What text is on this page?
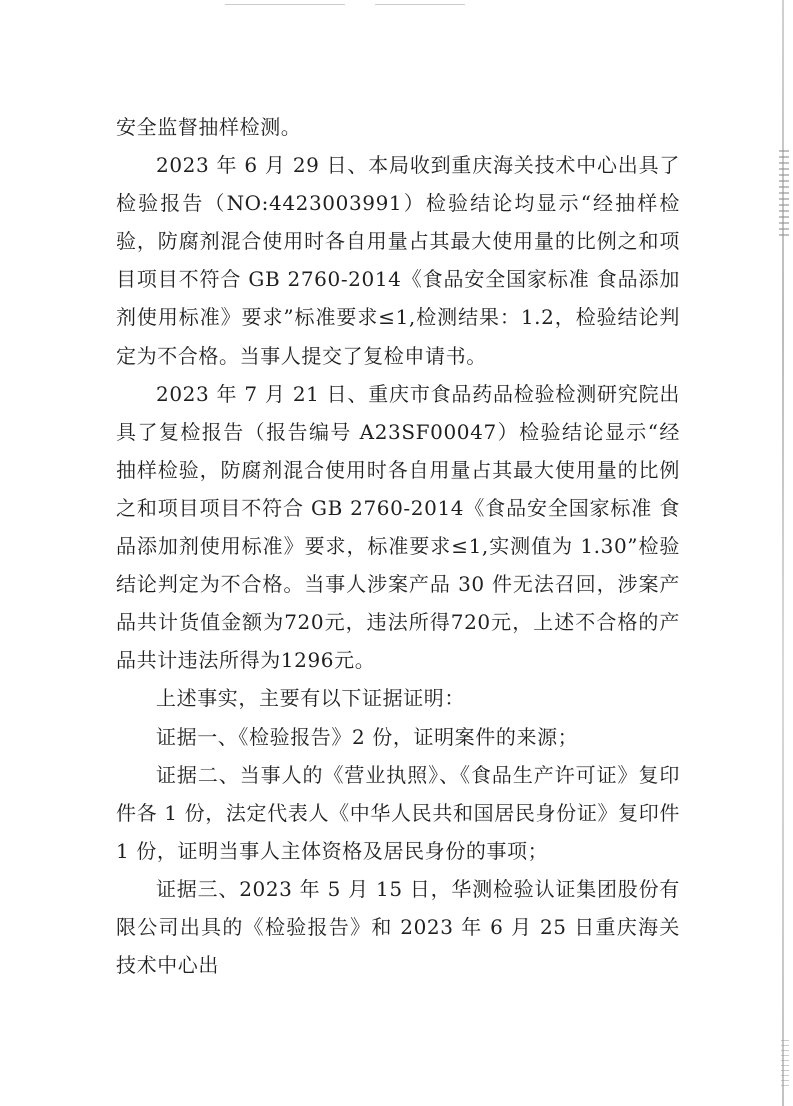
安全监督抽样检测。

2023 年 6 月 29 日、本局收到重庆海关技术中心出具了检验报告（NO:4423003991）检验结论均显示“经抽样检验，防腐剂混合使用时各自用量占其最大使用量的比例之和项目项目不符合 GB 2760-2014《食品安全国家标准 食品添加剂使用标准》要求”标准要求≤1,检测结果：1.2，检验结论判定为不合格。当事人提交了复检申请书。

2023 年 7 月 21 日、重庆市食品药品检验检测研究院出具了复检报告（报告编号 A23SF00047）检验结论显示“经抽样检验，防腐剂混合使用时各自用量占其最大使用量的比例之和项目项目不符合 GB 2760-2014《食品安全国家标准 食品添加剂使用标准》要求，标准要求≤1,实测值为 1.30”检验结论判定为不合格。当事人涉案产品 30 件无法召回，涉案产品共计货值金额为720元，违法所得720元，上述不合格的产品共计违法所得为1296元。

上述事实，主要有以下证据证明：

证据一、《检验报告》2 份，证明案件的来源；

证据二、当事人的《营业执照》、《食品生产许可证》复印件各 1 份，法定代表人《中华人民共和国居民身份证》复印件 1 份，证明当事人主体资格及居民身份的事项；

证据三、2023 年 5 月 15 日，华测检验认证集团股份有限公司出具的《检验报告》和 2023 年 6 月 25 日重庆海关技术中心出
